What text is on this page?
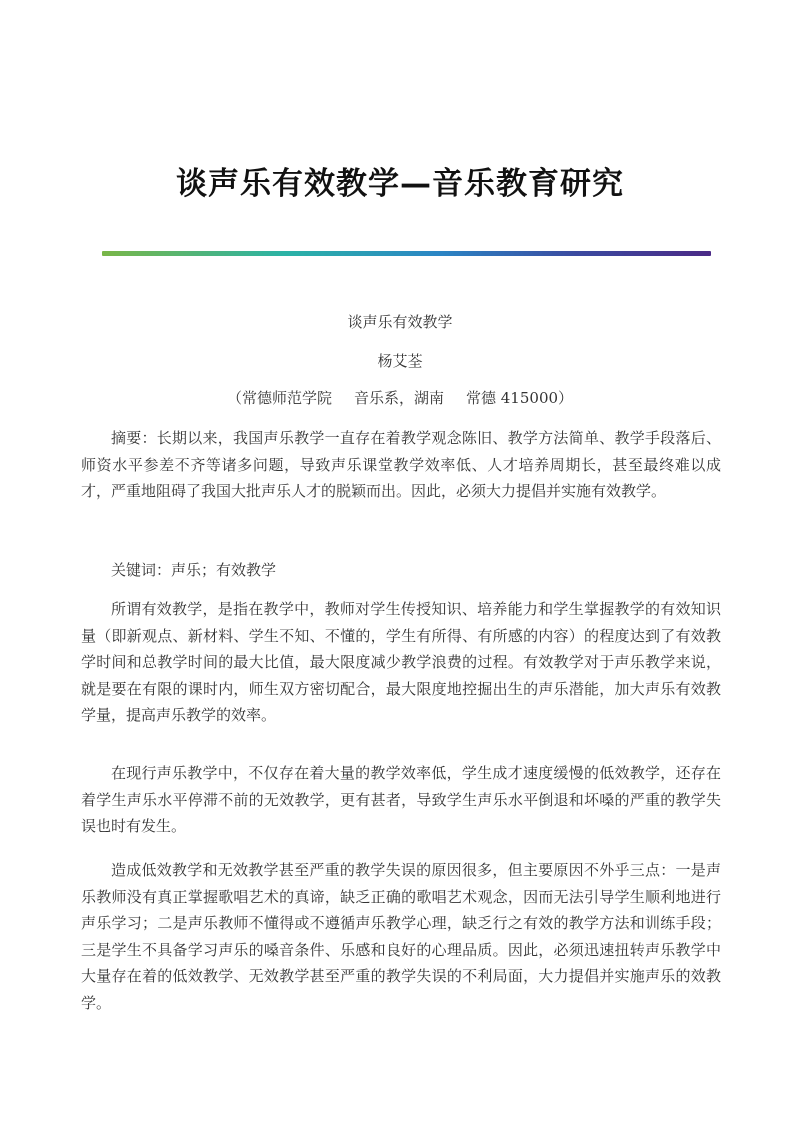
谈声乐有效教学—音乐教育研究

谈声乐有效教学

杨艾荃

（常德师范学院 音乐系，湖南 常德 415000）

摘要：长期以来，我国声乐教学一直存在着教学观念陈旧、教学方法简单、教学手段落后、师资水平参差不齐等诸多问题，导致声乐课堂教学效率低、人才培养周期长，甚至最终难以成才，严重地阻碍了我国大批声乐人才的脱颖而出。因此，必须大力提倡并实施有效教学。

关键词：声乐；有效教学

所谓有效教学，是指在教学中，教师对学生传授知识、培养能力和学生掌握教学的有效知识量（即新观点、新材料、学生不知、不懂的，学生有所得、有所感的内容）的程度达到了有效教学时间和总教学时间的最大比值，最大限度减少教学浪费的过程。有效教学对于声乐教学来说，就是要在有限的课时内，师生双方密切配合，最大限度地控掘出生的声乐潜能，加大声乐有效教学量，提高声乐教学的效率。

在现行声乐教学中，不仅存在着大量的教学效率低，学生成才速度缓慢的低效教学，还存在着学生声乐水平停滞不前的无效教学，更有甚者，导致学生声乐水平倒退和坏嗓的严重的教学失误也时有发生。

造成低效教学和无效教学甚至严重的教学失误的原因很多，但主要原因不外乎三点：一是声乐教师没有真正掌握歌唱艺术的真谛，缺乏正确的歌唱艺术观念，因而无法引导学生顺利地进行声乐学习；二是声乐教师不懂得或不遵循声乐教学心理，缺乏行之有效的教学方法和训练手段；三是学生不具备学习声乐的嗓音条件、乐感和良好的心理品质。因此，必须迅速扭转声乐教学中大量存在着的低效教学、无效教学甚至严重的教学失误的不利局面，大力提倡并实施声乐的效教学。
